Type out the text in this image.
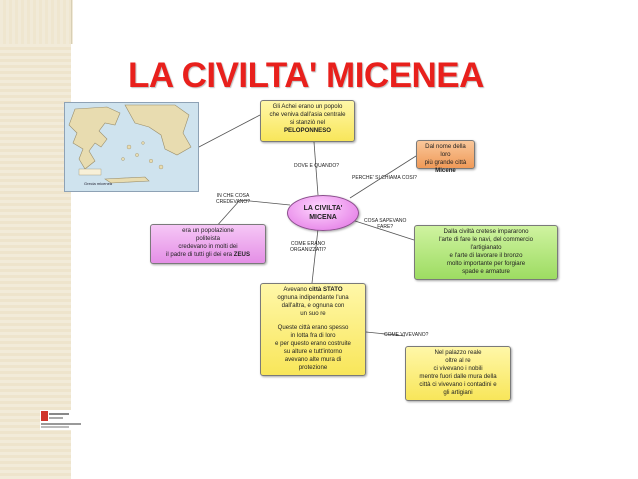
LA CIVILTA' MICENEA
Grecia micenea
Gli Achei erano un popolo
che veniva dall'asia centrale
si stanziò nel
PELOPONNESO
Dal nome della loro
più grande città
Micene
LA CIVILTA'
MICENA
Dalla civiltà cretese impararono
l'arte di fare le navi, del commercio
l'artigianato
e l'arte di lavorare il bronzo
molto importante per forgiare
spade e armature
era un popolazione
politeista
credevano in molti dei
il padre di tutti gli dei era ZEUS
Avevano città STATO
ognuna indipendante l'una
dall'altra, e ognuna con
un suo re
Queste città erano spesso
in lotta fra di loro
e per questo erano costruite
su alture e tutt'intorno
avevano alte mura di
protezione
Nel palazzo reale
oltre al re
ci vivevano i nobili
mentre fuori dalle mura della
città ci vivevano i contadini e
gli artigiani
DOVE E QUANDO?
PERCHE' SI CHIAMA COSI?
IN CHE COSA
CREDEVANO?
COSA SAPEVANO
FARE?
COME ERANO
ORGANIZZATI?
COME VIVEVANO?
